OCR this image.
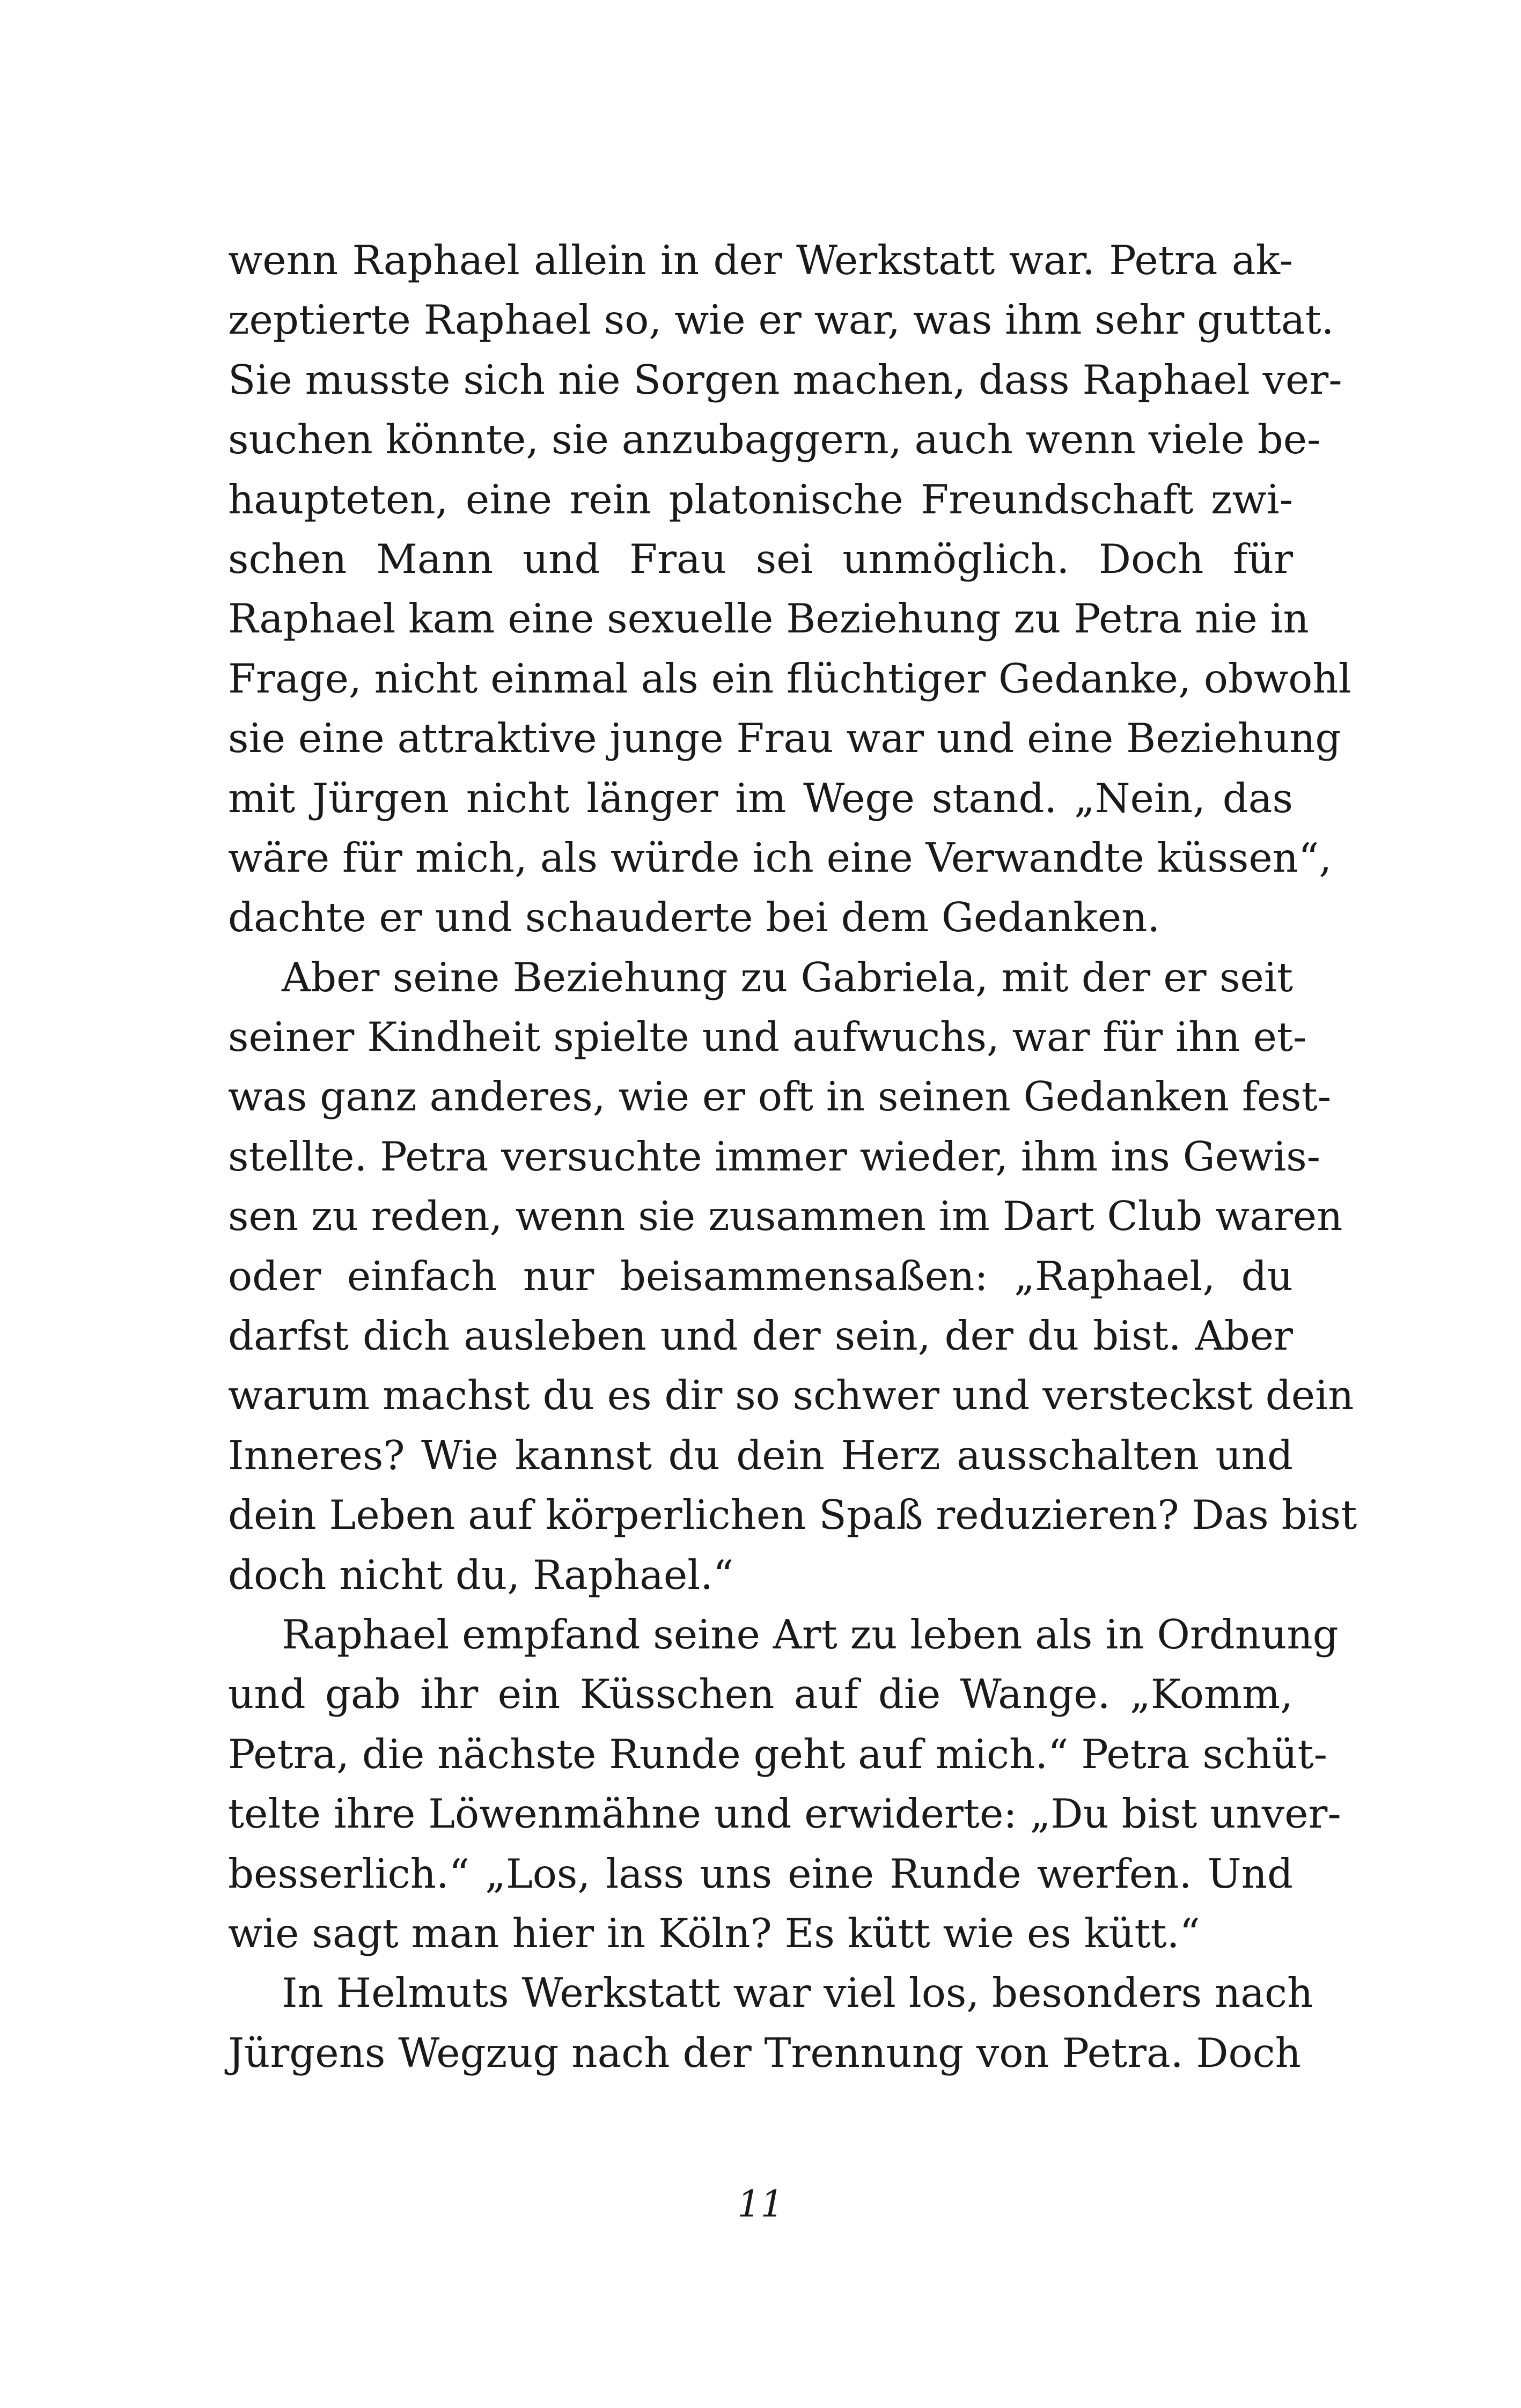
wenn Raphael allein in der Werkstatt war. Petra ak-
zeptierte Raphael so, wie er war, was ihm sehr guttat.
Sie musste sich nie Sorgen machen, dass Raphael ver-
suchen könnte, sie anzubaggern, auch wenn viele be-
haupteten, eine rein platonische Freundschaft zwi-
schen Mann und Frau sei unmöglich. Doch für
Raphael kam eine sexuelle Beziehung zu Petra nie in
Frage, nicht einmal als ein flüchtiger Gedanke, obwohl
sie eine attraktive junge Frau war und eine Beziehung
mit Jürgen nicht länger im Wege stand. „Nein, das
wäre für mich, als würde ich eine Verwandte küssen“,
dachte er und schauderte bei dem Gedanken.
Aber seine Beziehung zu Gabriela, mit der er seit
seiner Kindheit spielte und aufwuchs, war für ihn et-
was ganz anderes, wie er oft in seinen Gedanken fest-
stellte. Petra versuchte immer wieder, ihm ins Gewis-
sen zu reden, wenn sie zusammen im Dart Club waren
oder einfach nur beisammensaßen: „Raphael, du
darfst dich ausleben und der sein, der du bist. Aber
warum machst du es dir so schwer und versteckst dein
Inneres? Wie kannst du dein Herz ausschalten und
dein Leben auf körperlichen Spaß reduzieren? Das bist
doch nicht du, Raphael.“
Raphael empfand seine Art zu leben als in Ordnung
und gab ihr ein Küsschen auf die Wange. „Komm,
Petra, die nächste Runde geht auf mich.“ Petra schüt-
telte ihre Löwenmähne und erwiderte: „Du bist unver-
besserlich.“ „Los, lass uns eine Runde werfen. Und
wie sagt man hier in Köln? Es kütt wie es kütt.“
In Helmuts Werkstatt war viel los, besonders nach
Jürgens Wegzug nach der Trennung von Petra. Doch
11
